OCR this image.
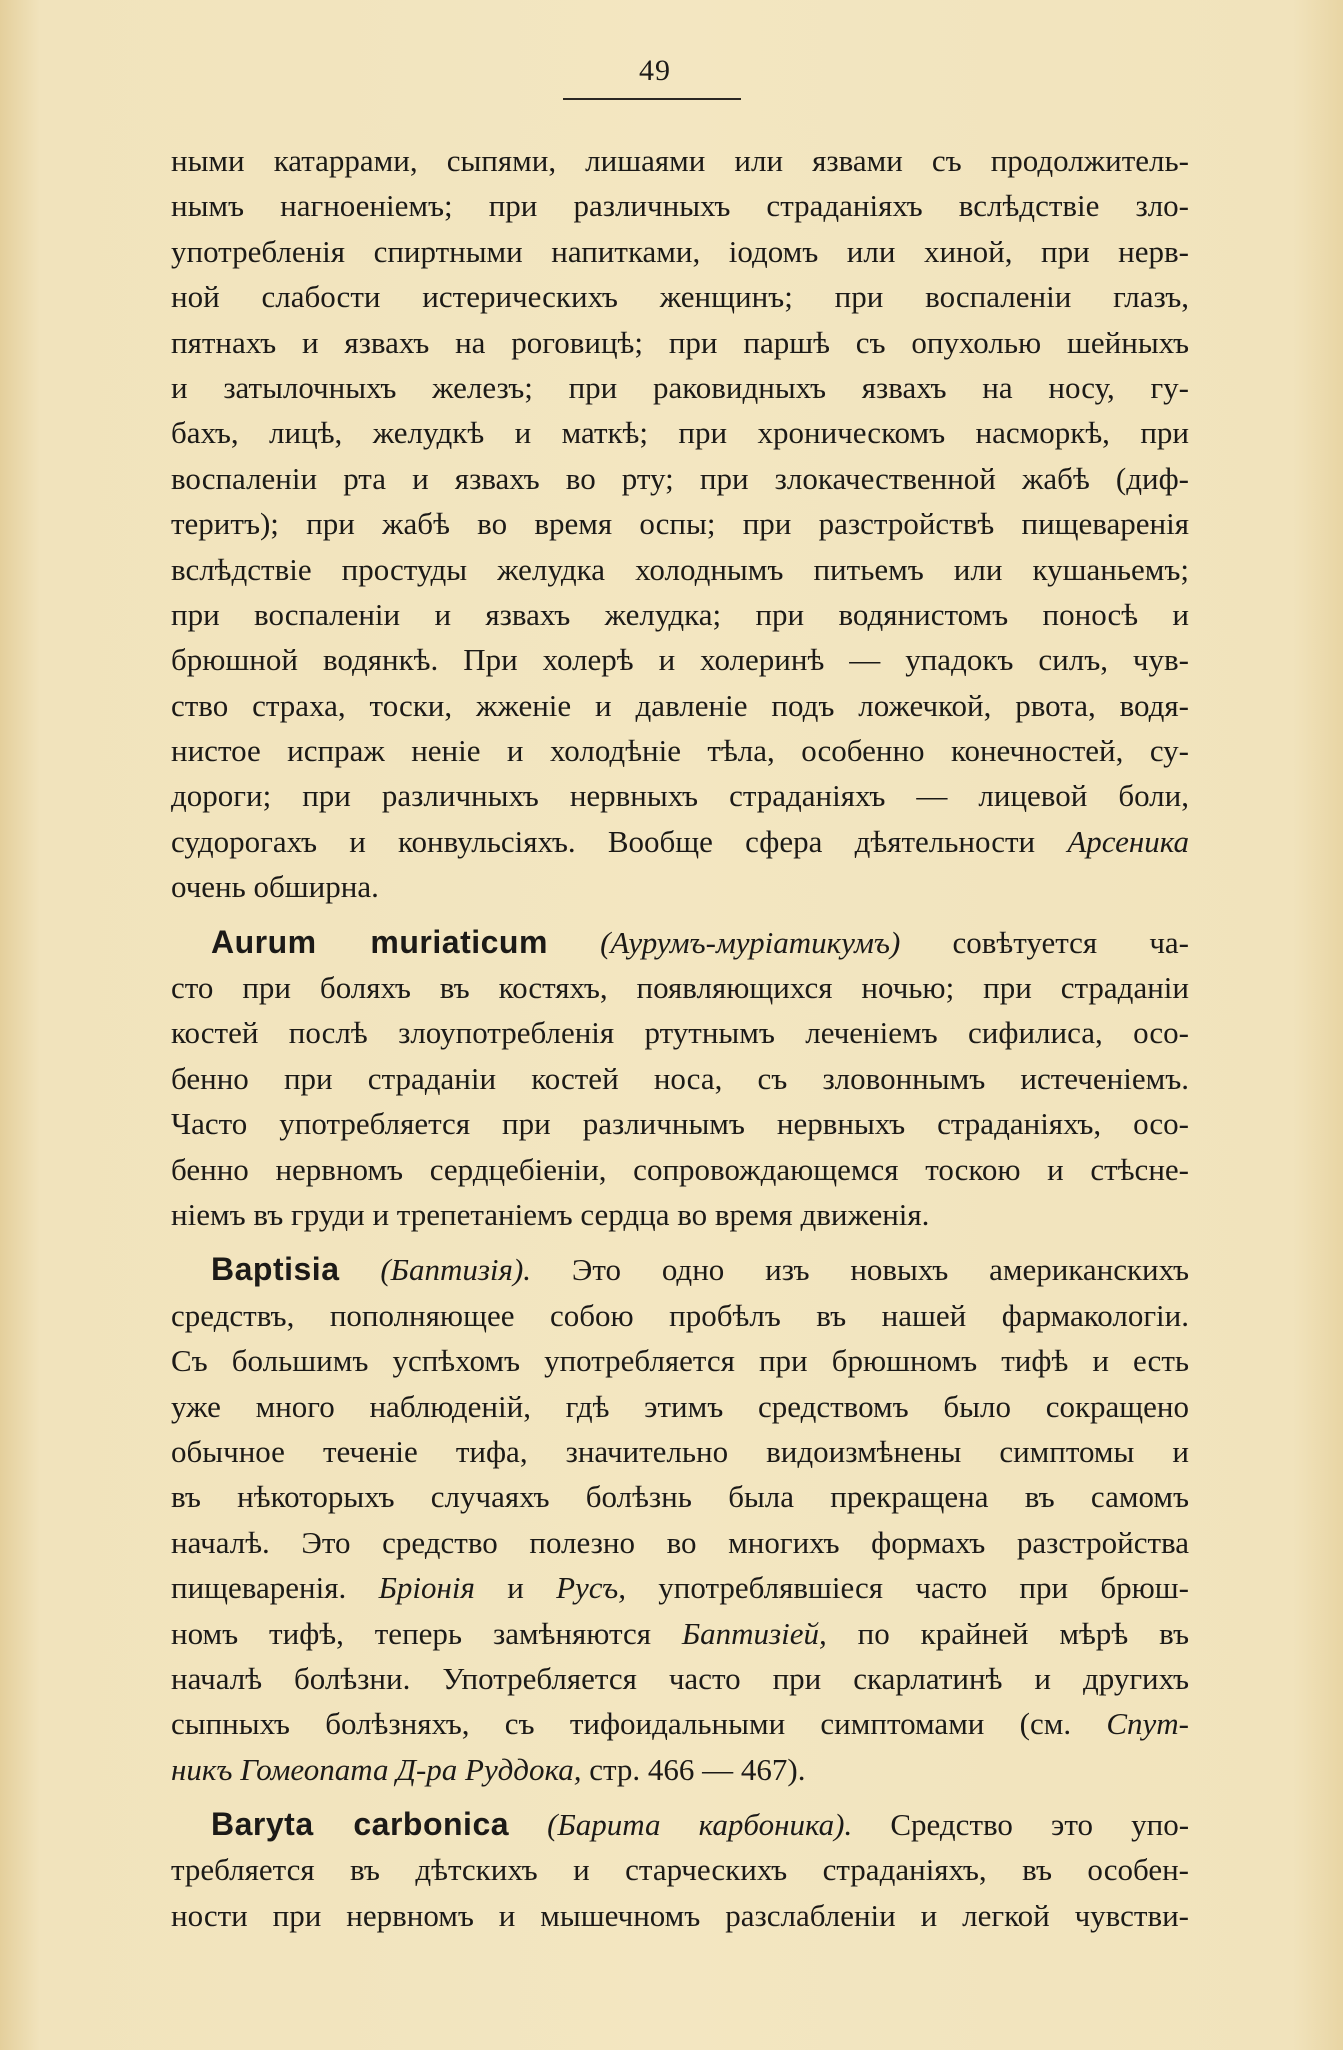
49
ными катаррами, сыпями, лишаями или язвами съ продолжитель-
нымъ нагноеніемъ; при различныхъ страданіяхъ вслѣдствіе зло-
употребленія спиртными напитками, іодомъ или хиной, при нерв-
ной слабости истерическихъ женщинъ; при воспаленіи глазъ,
пятнахъ и язвахъ на роговицѣ; при паршѣ съ опухолью шейныхъ
и затылочныхъ железъ; при раковидныхъ язвахъ на носу, гу-
бахъ, лицѣ, желудкѣ и маткѣ; при хроническомъ насморкѣ, при
воспаленіи рта и язвахъ во рту; при злокачественной жабѣ (диф-
теритъ); при жабѣ во время оспы; при разстройствѣ пищеваренія
вслѣдствіе простуды желудка холоднымъ питьемъ или кушаньемъ;
при воспаленіи и язвахъ желудка; при водянистомъ поносѣ и
брюшной водянкѣ. При холерѣ и холеринѣ — упадокъ силъ, чув-
ство страха, тоски, жженіе и давленіе подъ ложечкой, рвота, водя-
нистое испраж неніе и холодѣніе тѣла, особенно конечностей, су-
дороги; при различныхъ нервныхъ страданіяхъ — лицевой боли,
судорогахъ и конвульсіяхъ. Вообще сфера дѣятельности Арсеника
очень обширна.
Aurum muriaticum (Аурумъ-муріатикумъ) совѣтуется ча-
сто при боляхъ въ костяхъ, появляющихся ночью; при страданіи
костей послѣ злоупотребленія ртутнымъ леченіемъ сифилиса, осо-
бенно при страданіи костей носа, съ зловоннымъ истеченіемъ.
Часто употребляется при различнымъ нервныхъ страданіяхъ, осо-
бенно нервномъ сердцебіеніи, сопровождающемся тоскою и стѣсне-
ніемъ въ груди и трепетаніемъ сердца во время движенія.
Baptisia (Баптизія). Это одно изъ новыхъ американскихъ
средствъ, пополняющее собою пробѣлъ въ нашей фармакологіи.
Съ большимъ успѣхомъ употребляется при брюшномъ тифѣ и есть
уже много наблюденій, гдѣ этимъ средствомъ было сокращено
обычное теченіе тифа, значительно видоизмѣнены симптомы и
въ нѣкоторыхъ случаяхъ болѣзнь была прекращена въ самомъ
началѣ. Это средство полезно во многихъ формахъ разстройства
пищеваренія. Бріонія и Русъ, употреблявшіеся часто при брюш-
номъ тифѣ, теперь замѣняются Баптизіей, по крайней мѣрѣ въ
началѣ болѣзни. Употребляется часто при скарлатинѣ и другихъ
сыпныхъ болѣзняхъ, съ тифоидальными симптомами (см. Спут-
никъ Гомеопата Д-ра Руддока, стр. 466 — 467).
Baryta carbonica (Барита карбоника). Средство это упо-
требляется въ дѣтскихъ и старческихъ страданіяхъ, въ особен-
ности при нервномъ и мышечномъ разслабленіи и легкой чувстви-
